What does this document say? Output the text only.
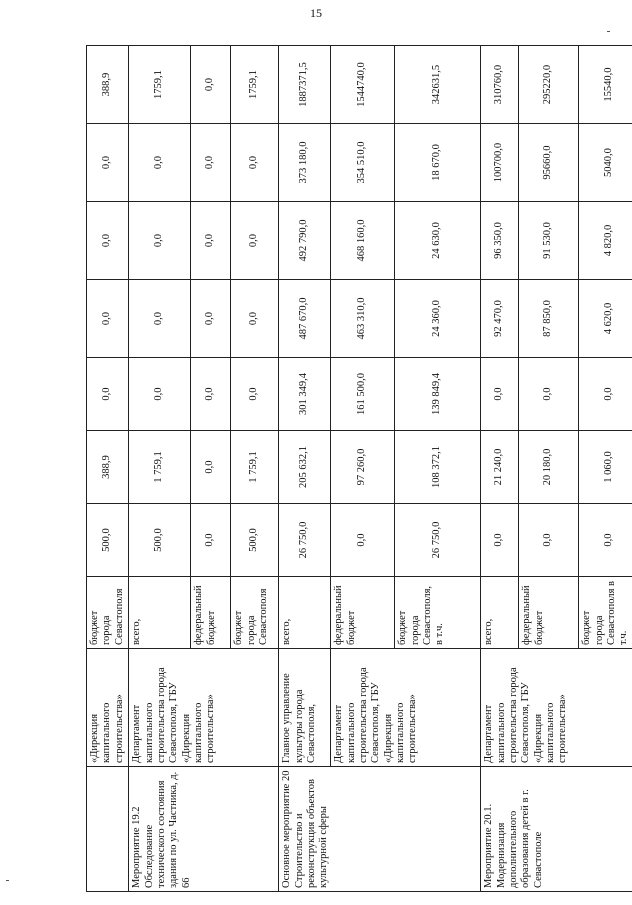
15
	«Дирекция капитального строительства»	бюджет города Севастополя	500,0	388,9	0,0	0,0	0,0	0,0	388,9
Мероприятие 19.2 Обследование технического состояния здания по ул. Частника, д. 66	Департамент капитального строительства города Севастополя, ГБУ «Дирекция капитального строительства»	всего,	500,0	1 759,1	0,0	0,0	0,0	0,0	1759,1
		федеральный бюджет	0,0	0,0	0,0	0,0	0,0	0,0	0,0
		бюджет города Севастополя	500,0	1 759,1	0,0	0,0	0,0	0,0	1759,1
Основное мероприятие 20 Строительство и реконструкция объектов культурной сферы	Главное управление культуры города Севастополя,	всего,	26 750,0	205 632,1	301 349,4	487 670,0	492 790,0	373 180,0	1887371,5
	Департамент капитального строительства города Севастополя, ГБУ «Дирекция капитального строительства»	федеральный бюджет	0,0	97 260,0	161 500,0	463 310,0	468 160,0	354 510,0	1544740,0
		бюджет города Севастополя, в т.ч.	26 750,0	108 372,1	139 849,4	24 360,0	24 630,0	18 670,0	342631,5
Мероприятие 20.1. Модернизация дополнительного образования детей в г. Севастополе	Департамент капитального строительства города Севастополя, ГБУ «Дирекция капитального строительства»	всего,	0,0	21 240,0	0,0	92 470,0	96 350,0	100700,0	310760,0
		федеральный бюджет	0,0	20 180,0	0,0	87 850,0	91 530,0	95660,0	295220,0
		бюджет города Севастополя в т.ч.	0,0	1 060,0	0,0	4 620,0	4 820,0	5040,0	15540,0
